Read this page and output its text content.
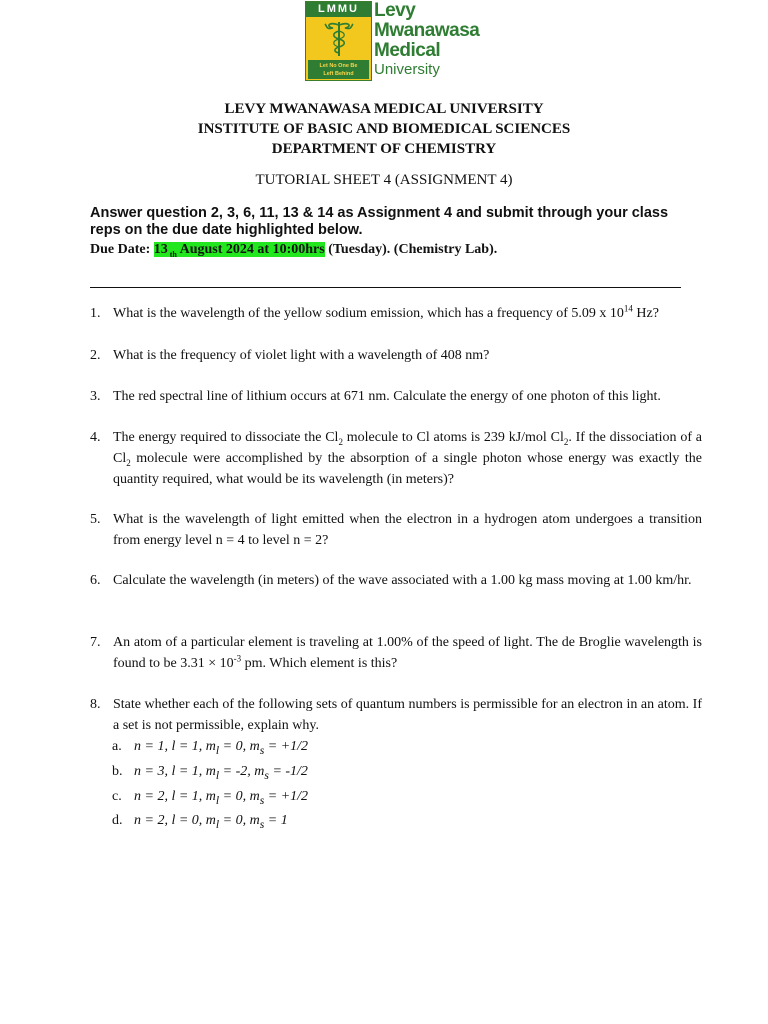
LMMU
Let No One Be
Left Behind
Levy
Mwanawasa
Medical
University
LEVY MWANAWASA MEDICAL UNIVERSITY
INSTITUTE OF BASIC AND BIOMEDICAL SCIENCES
DEPARTMENT OF CHEMISTRY
TUTORIAL SHEET 4 (ASSIGNMENT 4)
Answer question 2, 3, 6, 11, 13 & 14 as Assignment 4 and submit through your class reps on the due date highlighted below.
Due Date: 13 $_{th}$ August 2024 at 10:00hrs (Tuesday). (Chemistry Lab).
1. What is the wavelength of the yellow sodium emission, which has a frequency of 5.09 x $10^{14}$ Hz?
2. What is the frequency of violet light with a wavelength of 408 nm?
3. The red spectral line of lithium occurs at 671 nm. Calculate the energy of one photon of this light.
4. The energy required to dissociate the $Cl_2$ molecule to Cl atoms is 239 kJ/mol $Cl_2$. If the dissociation of a $Cl_2$ molecule were accomplished by the absorption of a single photon whose energy was exactly the quantity required, what would be its wavelength (in meters)?
5. What is the wavelength of light emitted when the electron in a hydrogen atom undergoes a transition from energy level n = 4 to level n = 2?
6. Calculate the wavelength (in meters) of the wave associated with a 1.00 kg mass moving at 1.00 km/hr.
7. An atom of a particular element is traveling at 1.00% of the speed of light. The de Broglie wavelength is found to be $3.31 \times 10^{-3}$ pm. Which element is this?
8. State whether each of the following sets of quantum numbers is permissible for an electron in an atom. If a set is not permissible, explain why.
a. n = 1, l = 1, $m_l = 0$, $m_s = +1/2$
b. n = 3, l = 1, $m_l = -2$, $m_s = -1/2$
c. n = 2, l = 1, $m_l = 0$, $m_s = +1/2$
d. n = 2, l = 0, $m_l = 0$, $m_s = 1$
